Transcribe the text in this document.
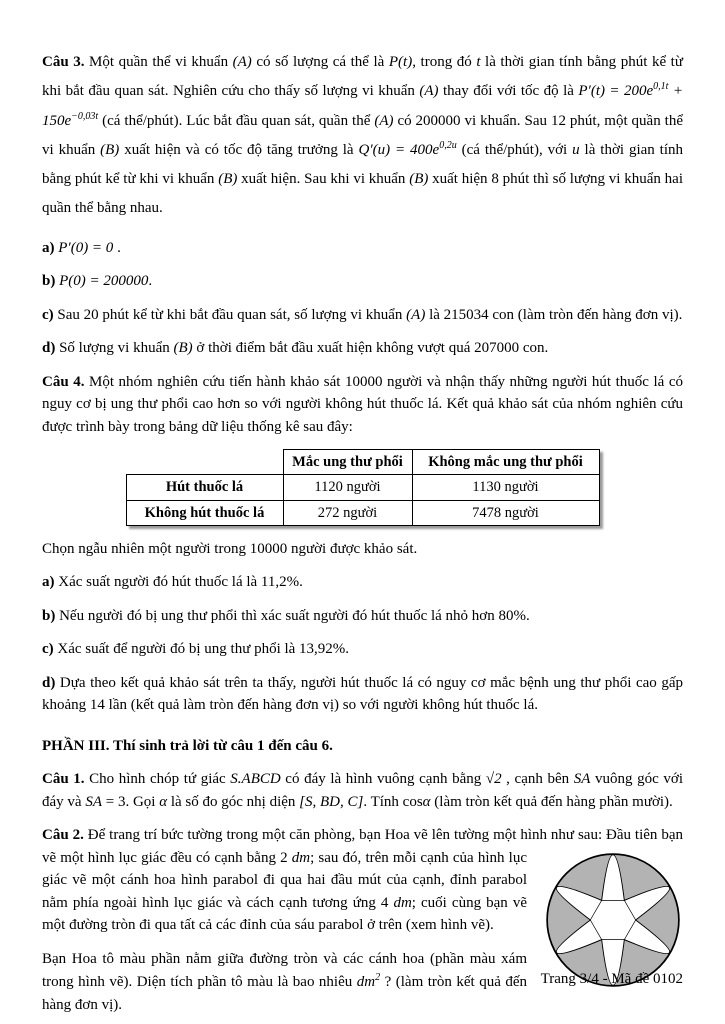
Câu 3. Một quần thể vi khuẩn (A) có số lượng cá thể là P(t), trong đó t là thời gian tính bằng phút kể từ khi bắt đầu quan sát. Nghiên cứu cho thấy số lượng vi khuẩn (A) thay đổi với tốc độ là $P'(t) = 200e^{0,1t} + 150e^{-0,03t}$ (cá thể/phút). Lúc bắt đầu quan sát, quần thể (A) có 200000 vi khuẩn. Sau 12 phút, một quần thể vi khuẩn (B) xuất hiện và có tốc độ tăng trưởng là $Q'(u) = 400e^{0,2u}$ (cá thể/phút), với u là thời gian tính bằng phút kể từ khi vi khuẩn (B) xuất hiện. Sau khi vi khuẩn (B) xuất hiện 8 phút thì số lượng vi khuẩn hai quần thể bằng nhau.

a) P′(0) = 0 .

b) P(0) = 200000.

c) Sau 20 phút kể từ khi bắt đầu quan sát, số lượng vi khuẩn (A) là 215034 con (làm tròn đến hàng đơn vị).

d) Số lượng vi khuẩn (B) ở thời điểm bắt đầu xuất hiện không vượt quá 207000 con.

Câu 4. Một nhóm nghiên cứu tiến hành khảo sát 10000 người và nhận thấy những người hút thuốc lá có nguy cơ bị ung thư phổi cao hơn so với người không hút thuốc lá. Kết quả khảo sát của nhóm nghiên cứu được trình bày trong bảng dữ liệu thống kê sau đây:

	Mắc ung thư phổi	Không mắc ung thư phổi
Hút thuốc lá	1120 người	1130 người
Không hút thuốc lá	272 người	7478 người

Chọn ngẫu nhiên một người trong 10000 người được khảo sát.

a) Xác suất người đó hút thuốc lá là 11,2%.

b) Nếu người đó bị ung thư phổi thì xác suất người đó hút thuốc lá nhỏ hơn 80%.

c) Xác suất để người đó bị ung thư phổi là 13,92%.

d) Dựa theo kết quả khảo sát trên ta thấy, người hút thuốc lá có nguy cơ mắc bệnh ung thư phổi cao gấp khoảng 14 lần (kết quả làm tròn đến hàng đơn vị) so với người không hút thuốc lá.

PHẦN III. Thí sinh trả lời từ câu 1 đến câu 6.

Câu 1. Cho hình chóp tứ giác S.ABCD có đáy là hình vuông cạnh bằng √2 , cạnh bên SA vuông góc với đáy và SA = 3. Gọi α là số đo góc nhị diện [S, BD, C]. Tính cosα (làm tròn kết quả đến hàng phần mười).

Câu 2. Để trang trí bức tường trong một căn phòng, bạn Hoa vẽ lên tường một hình như sau: Đầu tiên bạn vẽ một hình lục giác đều có cạnh bằng 2 dm; sau đó, trên mỗi cạnh của hình lục giác vẽ một cánh hoa hình parabol đi qua hai đầu mút của cạnh, đỉnh parabol nằm phía ngoài hình lục giác và cách cạnh tương ứng 4 dm; cuối cùng bạn vẽ một đường tròn đi qua tất cả các đỉnh của sáu parabol ở trên (xem hình vẽ).

Bạn Hoa tô màu phần nằm giữa đường tròn và các cánh hoa (phần màu xám trong hình vẽ). Diện tích phần tô màu là bao nhiêu $dm^2$ ? (làm tròn kết quả đến hàng đơn vị).

Trang 3/4 - Mã đề 0102
